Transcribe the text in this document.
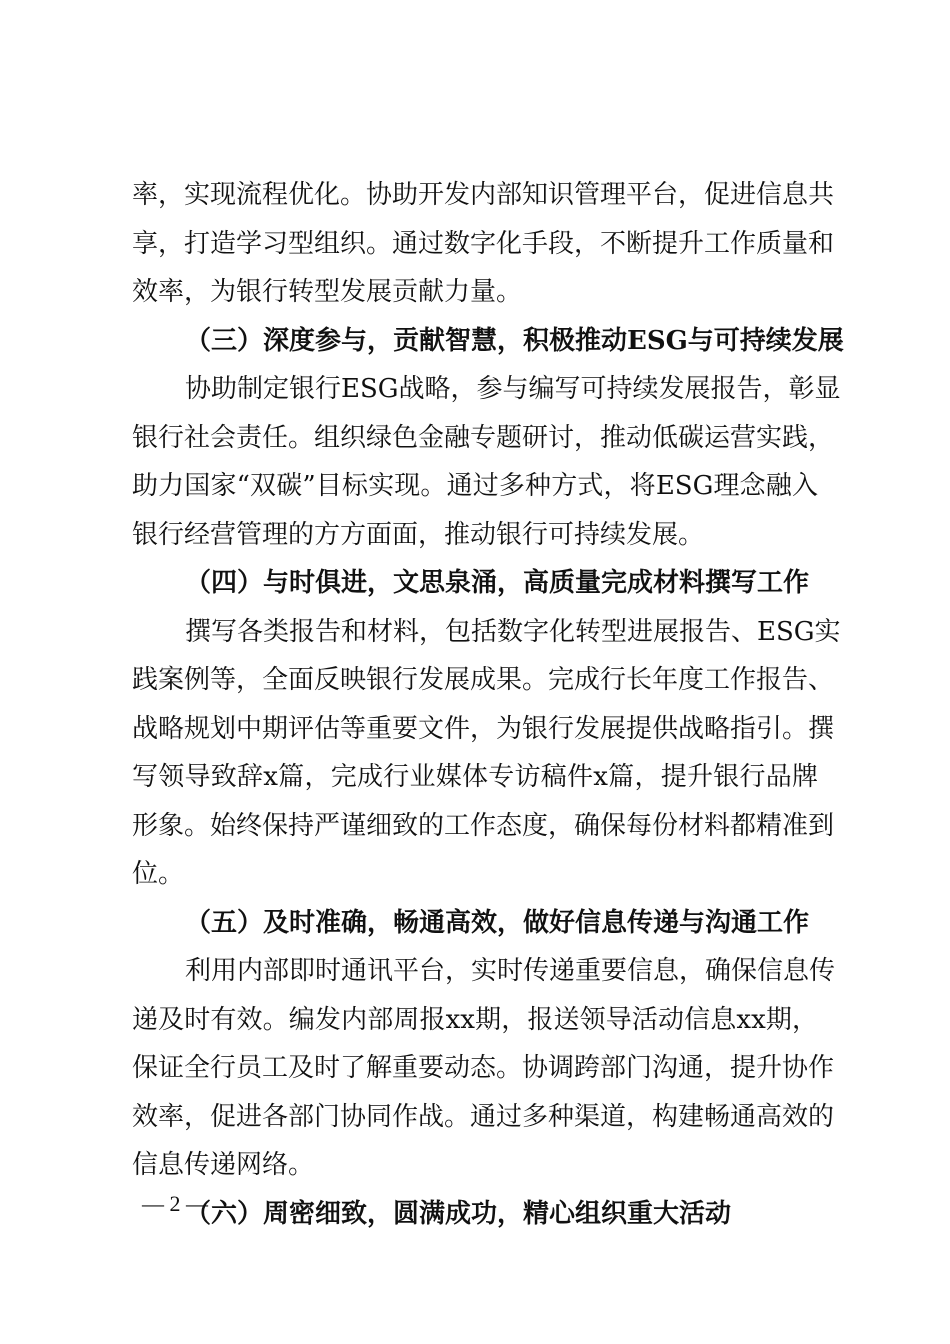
率，实现流程优化。协助开发内部知识管理平台，促进信息共
享，打造学习型组织。通过数字化手段，不断提升工作质量和
效率，为银行转型发展贡献力量。
（三）深度参与，贡献智慧，积极推动ESG与可持续发展
协助制定银行ESG战略，参与编写可持续发展报告，彰显
银行社会责任。组织绿色金融专题研讨，推动低碳运营实践，
助力国家“双碳”目标实现。通过多种方式，将ESG理念融入
银行经营管理的方方面面，推动银行可持续发展。
（四）与时俱进，文思泉涌，高质量完成材料撰写工作
撰写各类报告和材料，包括数字化转型进展报告、ESG实
践案例等，全面反映银行发展成果。完成行长年度工作报告、
战略规划中期评估等重要文件，为银行发展提供战略指引。撰
写领导致辞x篇，完成行业媒体专访稿件x篇，提升银行品牌
形象。始终保持严谨细致的工作态度，确保每份材料都精准到
位。
（五）及时准确，畅通高效，做好信息传递与沟通工作
利用内部即时通讯平台，实时传递重要信息，确保信息传
递及时有效。编发内部周报xx期，报送领导活动信息xx期，
保证全行员工及时了解重要动态。协调跨部门沟通，提升协作
效率，促进各部门协同作战。通过多种渠道，构建畅通高效的
信息传递网络。
（六）周密细致，圆满成功，精心组织重大活动
— 2 —
